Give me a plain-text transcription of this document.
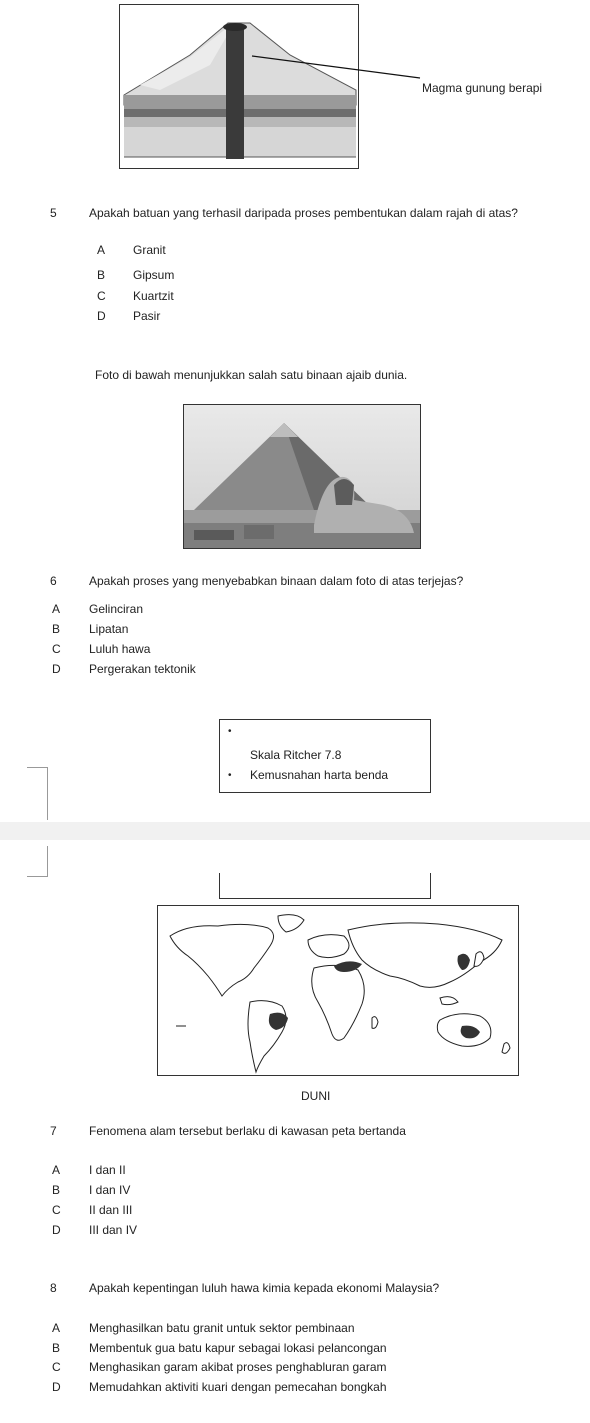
Magma gunung berapi
5	Apakah batuan yang terhasil daripada proses pembentukan dalam rajah di atas?
A Granit
B Gipsum
C Kuartzit
D Pasir
Foto di bawah menunjukkan salah satu binaan ajaib dunia.
6	Apakah proses yang menyebabkan binaan dalam foto di atas terjejas?
A Gelinciran
B Lipatan
C Luluh hawa
D Pergerakan tektonik
•
Skala Ritcher 7.8
• Kemusnahan harta benda
DUNI
7	Fenomena alam tersebut berlaku di kawasan peta bertanda
A I dan II
B I dan IV
C II dan III
D III dan IV
8	Apakah kepentingan luluh hawa kimia kepada ekonomi Malaysia?
A Menghasilkan batu granit untuk sektor pembinaan
B Membentuk gua batu kapur sebagai lokasi pelancongan
C Menghasikan garam akibat proses penghabluran garam
D Memudahkan aktiviti kuari dengan pemecahan bongkah
